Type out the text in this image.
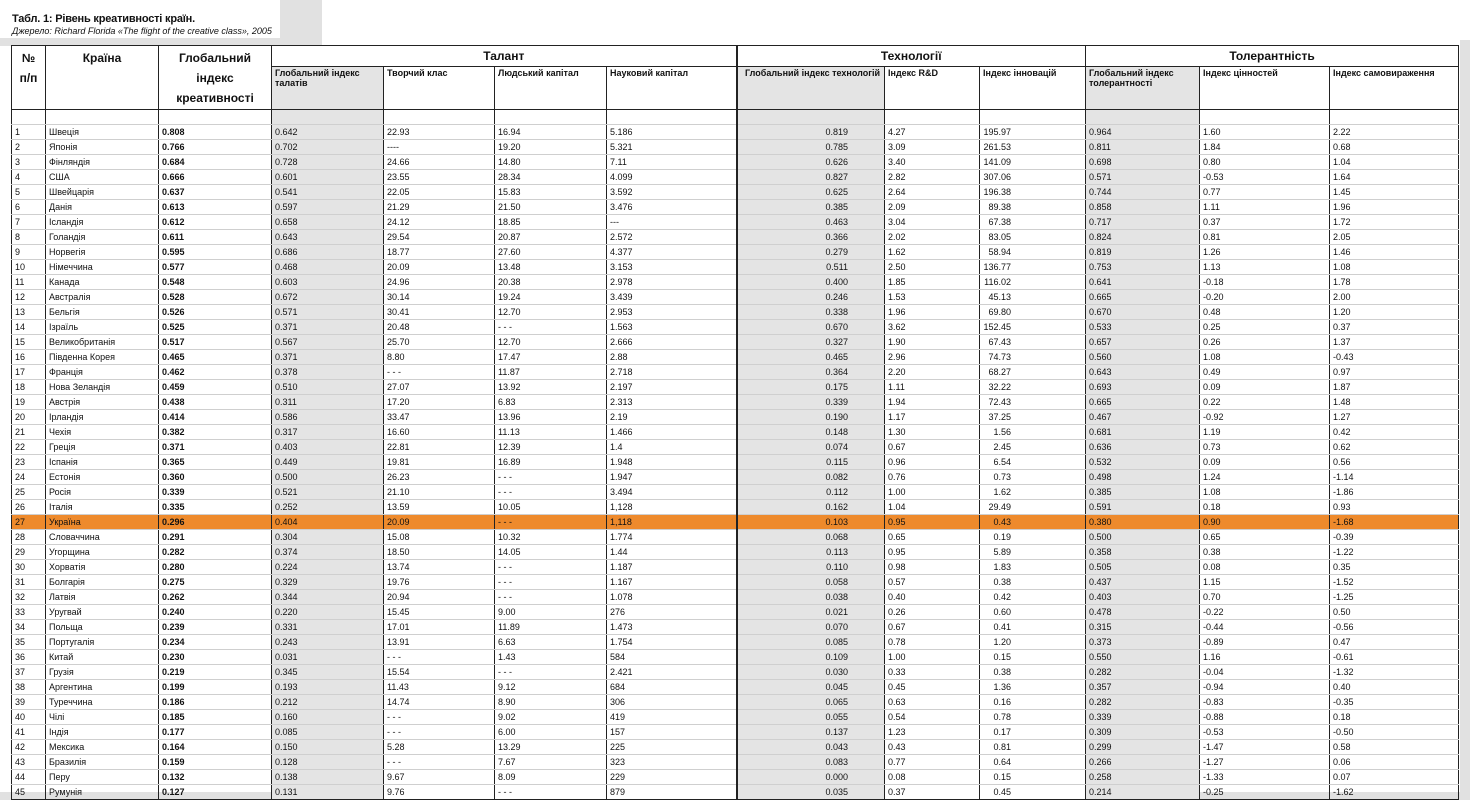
Табл. 1: Рівень креативності країн.
Джерело: Richard Florida «The flight of the creative class», 2005
№ п/п	Країна	Глобальний індекс креативності	Талант				Технології			Толерантність		
			Глобальний індекс талатів	Творчий клас	Людський капітал	Науковий капітал	Глобальний індекс технологій	Індекс R&D	Індекс інновацій	Глобальний індекс толерантності	Індекс цінностей	Індекс самовираження

1	Швеція	0.808	0.642	22.93	16.94	5.186	0.819	4.27	195.97	0.964	1.60	2.22
2	Японія	0.766	0.702	----	19.20	5.321	0.785	3.09	261.53	0.811	1.84	0.68
3	Фінляндія	0.684	0.728	24.66	14.80	7.11	0.626	3.40	141.09	0.698	0.80	1.04
4	США	0.666	0.601	23.55	28.34	4.099	0.827	2.82	307.06	0.571	-0.53	1.64
5	Швейцарія	0.637	0.541	22.05	15.83	3.592	0.625	2.64	196.38	0.744	0.77	1.45
6	Данія	0.613	0.597	21.29	21.50	3.476	0.385	2.09	89.38	0.858	1.11	1.96
7	Ісландія	0.612	0.658	24.12	18.85	---	0.463	3.04	67.38	0.717	0.37	1.72
8	Голандія	0.611	0.643	29.54	20.87	2.572	0.366	2.02	83.05	0.824	0.81	2.05
9	Норвегія	0.595	0.686	18.77	27.60	4.377	0.279	1.62	58.94	0.819	1.26	1.46
10	Німеччина	0.577	0.468	20.09	13.48	3.153	0.511	2.50	136.77	0.753	1.13	1.08
11	Канада	0.548	0.603	24.96	20.38	2.978	0.400	1.85	116.02	0.641	-0.18	1.78
12	Австралія	0.528	0.672	30.14	19.24	3.439	0.246	1.53	45.13	0.665	-0.20	2.00
13	Бельгія	0.526	0.571	30.41	12.70	2.953	0.338	1.96	69.80	0.670	0.48	1.20
14	Ізраїль	0.525	0.371	20.48	- - -	1.563	0.670	3.62	152.45	0.533	0.25	0.37
15	Великобританія	0.517	0.567	25.70	12.70	2.666	0.327	1.90	67.43	0.657	0.26	1.37
16	Південна Корея	0.465	0.371	8.80	17.47	2.88	0.465	2.96	74.73	0.560	1.08	-0.43
17	Франція	0.462	0.378	- - -	11.87	2.718	0.364	2.20	68.27	0.643	0.49	0.97
18	Нова Зеландія	0.459	0.510	27.07	13.92	2.197	0.175	1.11	32.22	0.693	0.09	1.87
19	Австрія	0.438	0.311	17.20	6.83	2.313	0.339	1.94	72.43	0.665	0.22	1.48
20	Ірландія	0.414	0.586	33.47	13.96	2.19	0.190	1.17	37.25	0.467	-0.92	1.27
21	Чехія	0.382	0.317	16.60	11.13	1.466	0.148	1.30	1.56	0.681	1.19	0.42
22	Греція	0.371	0.403	22.81	12.39	1.4	0.074	0.67	2.45	0.636	0.73	0.62
23	Іспанія	0.365	0.449	19.81	16.89	1.948	0.115	0.96	6.54	0.532	0.09	0.56
24	Естонія	0.360	0.500	26.23	- - -	1.947	0.082	0.76	0.73	0.498	1.24	-1.14
25	Росія	0.339	0.521	21.10	- - -	3.494	0.112	1.00	1.62	0.385	1.08	-1.86
26	Італія	0.335	0.252	13.59	10.05	1,128	0.162	1.04	29.49	0.591	0.18	0.93
27	Україна	0.296	0.404	20.09	- - -	1,118	0.103	0.95	0.43	0.380	0.90	-1.68
28	Словаччина	0.291	0.304	15.08	10.32	1.774	0.068	0.65	0.19	0.500	0.65	-0.39
29	Угорщина	0.282	0.374	18.50	14.05	1.44	0.113	0.95	5.89	0.358	0.38	-1.22
30	Хорватія	0.280	0.224	13.74	- - -	1.187	0.110	0.98	1.83	0.505	0.08	0.35
31	Болгарія	0.275	0.329	19.76	- - -	1.167	0.058	0.57	0.38	0.437	1.15	-1.52
32	Латвія	0.262	0.344	20.94	- - -	1.078	0.038	0.40	0.42	0.403	0.70	-1.25
33	Уругвай	0.240	0.220	15.45	9.00	276	0.021	0.26	0.60	0.478	-0.22	0.50
34	Польща	0.239	0.331	17.01	11.89	1.473	0.070	0.67	0.41	0.315	-0.44	-0.56
35	Португалія	0.234	0.243	13.91	6.63	1.754	0.085	0.78	1.20	0.373	-0.89	0.47
36	Китай	0.230	0.031	- - -	1.43	584	0.109	1.00	0.15	0.550	1.16	-0.61
37	Грузія	0.219	0.345	15.54	- - -	2.421	0.030	0.33	0.38	0.282	-0.04	-1.32
38	Аргентина	0.199	0.193	11.43	9.12	684	0.045	0.45	1.36	0.357	-0.94	0.40
39	Туреччина	0.186	0.212	14.74	8.90	306	0.065	0.63	0.16	0.282	-0.83	-0.35
40	Чілі	0.185	0.160	- - -	9.02	419	0.055	0.54	0.78	0.339	-0.88	0.18
41	Індія	0.177	0.085	- - -	6.00	157	0.137	1.23	0.17	0.309	-0.53	-0.50
42	Мексика	0.164	0.150	5.28	13.29	225	0.043	0.43	0.81	0.299	-1.47	0.58
43	Бразилія	0.159	0.128	- - -	7.67	323	0.083	0.77	0.64	0.266	-1.27	0.06
44	Перу	0.132	0.138	9.67	8.09	229	0.000	0.08	0.15	0.258	-1.33	0.07
45	Румунія	0.127	0.131	9.76	- - -	879	0.035	0.37	0.45	0.214	-0.25	-1.62
